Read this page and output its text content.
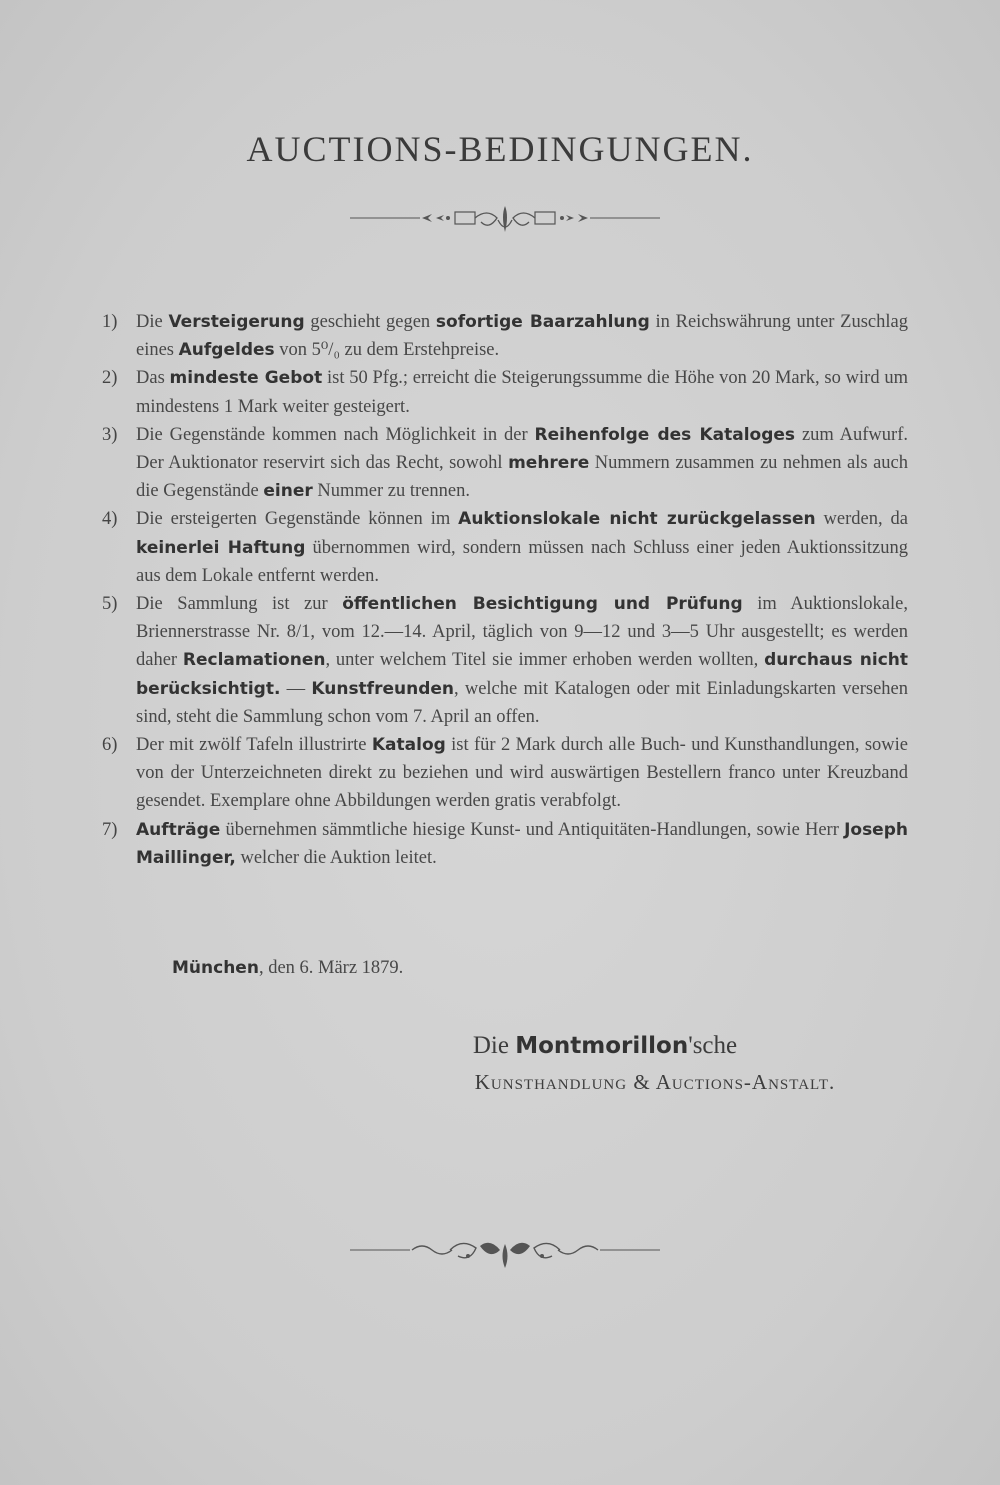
AUCTIONS-BEDINGUNGEN.
1) Die Versteigerung geschieht gegen sofortige Baarzahlung in Reichswährung unter Zuschlag eines Aufgeldes von 5⁰/₀ zu dem Erstehpreise.
2) Das mindeste Gebot ist 50 Pfg.; erreicht die Steigerungssumme die Höhe von 20 Mark, so wird um mindestens 1 Mark weiter gesteigert.
3) Die Gegenstände kommen nach Möglichkeit in der Reihenfolge des Kataloges zum Aufwurf. Der Auktionator reservirt sich das Recht, sowohl mehrere Nummern zusammen zu nehmen als auch die Gegenstände einer Nummer zu trennen.
4) Die ersteigerten Gegenstände können im Auktionslokale nicht zurückgelassen werden, da keinerlei Haftung übernommen wird, sondern müssen nach Schluss einer jeden Auktionssitzung aus dem Lokale entfernt werden.
5) Die Sammlung ist zur öffentlichen Besichtigung und Prüfung im Auktionslokale, Briennerstrasse Nr. 8/1, vom 12.—14. April, täglich von 9—12 und 3—5 Uhr ausgestellt; es werden daher Reclamationen, unter welchem Titel sie immer erhoben werden wollten, durchaus nicht berücksichtigt. — Kunstfreunden, welche mit Katalogen oder mit Einladungskarten versehen sind, steht die Sammlung schon vom 7. April an offen.
6) Der mit zwölf Tafeln illustrirte Katalog ist für 2 Mark durch alle Buch- und Kunsthandlungen, sowie von der Unterzeichneten direkt zu beziehen und wird auswärtigen Bestellern franco unter Kreuzband gesendet. Exemplare ohne Abbildungen werden gratis verabfolgt.
7) Aufträge übernehmen sämmtliche hiesige Kunst- und Antiquitäten-Handlungen, sowie Herr Joseph Maillinger, welcher die Auktion leitet.
München, den 6. März 1879.
Die Montmorillon'sche
Kunsthandlung & Auctions-Anstalt.
